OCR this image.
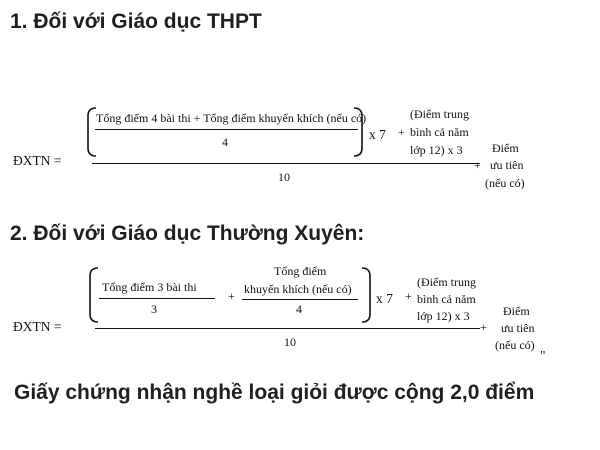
1. Đối với Giáo dục THPT
Tổng điểm 4 bài thi + Tổng điểm khuyến khích (nếu có)
4	x 7 +
(Điểm trung
bình cả năm
lớp 12) x 3
ĐXTN =
10
+
Điểm
ưu tiên
(nếu có)
2. Đối với Giáo dục Thường Xuyên:
Tổng điểm 3 bài thi
3
+
Tổng điểm
khuyến khích (nếu có)
4
x 7 +
(Điểm trung
bình cả năm
lớp 12) x 3
ĐXTN =
10
+
Điểm
ưu tiên
(nếu có)
"
Giấy chứng nhận nghề loại giỏi được cộng 2,0 điểm
